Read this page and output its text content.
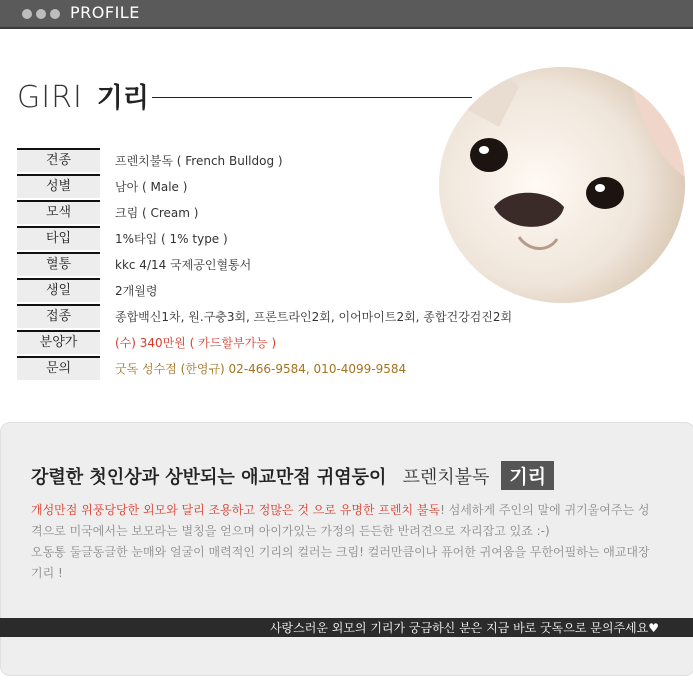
PROFILE
GIRI 기리
견종	프렌치불독 ( French Bulldog )
성별	남아 ( Male )
모색	크림 ( Cream )
타입	1%타입 ( 1% type )
혈통	kkc 4/14 국제공인혈통서
생일	2개월령
접종	종합백신1차, 원.구충3회, 프론트라인2회, 이어마이트2회, 종합건강검진2회
분양가	(수) 340만원 ( 카드할부가능 )
문의	굿독 성수점 (한영규) 02-466-9584, 010-4099-9584
강렬한 첫인상과 상반되는 애교만점 귀염둥이 프렌치불독	기리
개성만점 위풍당당한 외모와 달리 조용하고 정많은 것 으로 유명한 프렌치 불독! 섬세하게 주인의 말에 귀기울여주는 성격으로 미국에서는 보모라는 별칭을 얻으며 아이가있는 가정의 든든한 반려견으로 자리잡고 있죠 :-)
오동통 둘글동글한 눈매와 얼굴이 매력적인 기리의 컬러는 크림! 컬러만큼이나 퓨어한 귀여움을 무한어필하는 애교대장기리 !
사랑스러운 외모의 기리가 궁금하신 분은 지금 바로 굿독으로 문의주세요♥
